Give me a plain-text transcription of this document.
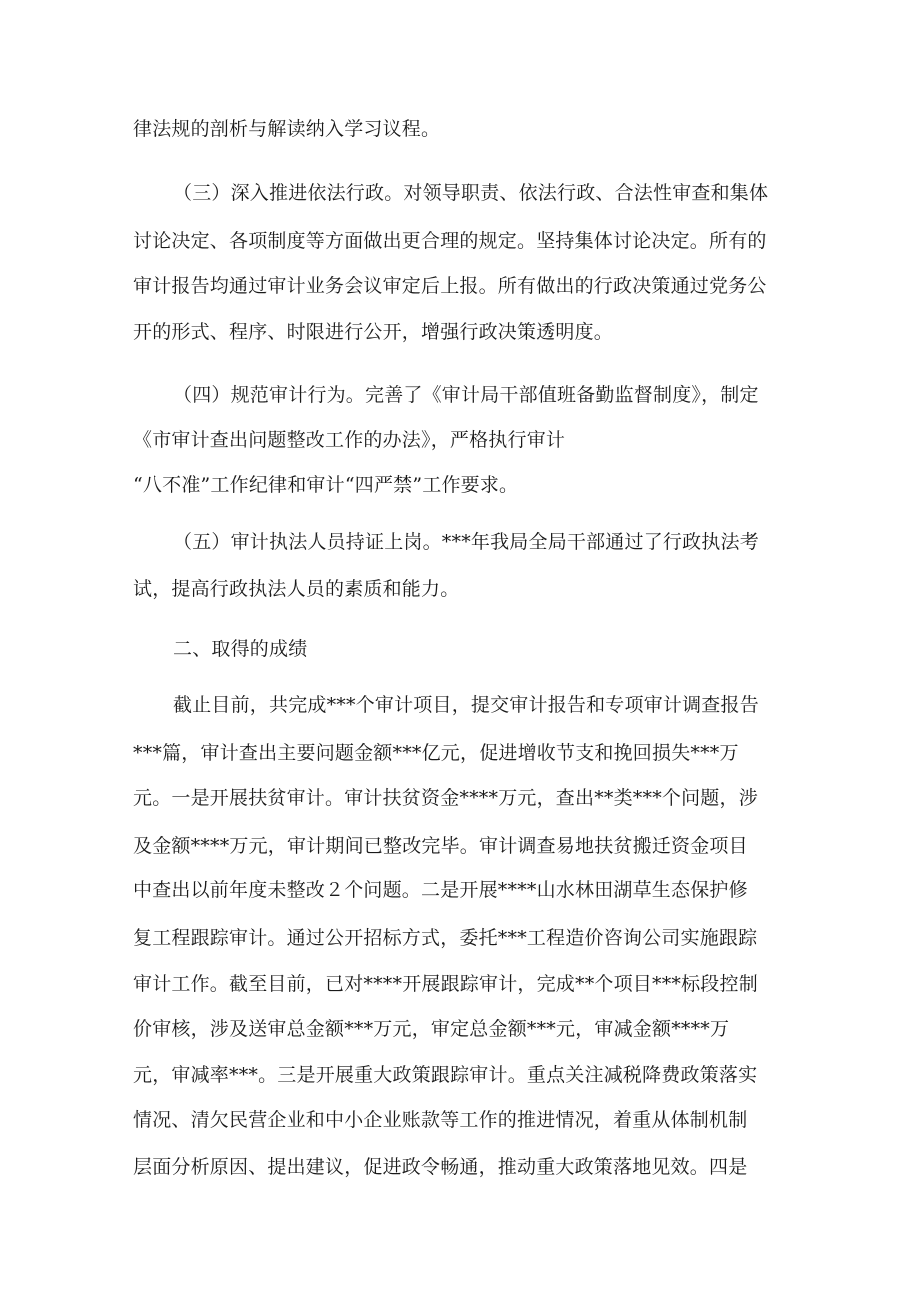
律法规的剖析与解读纳入学习议程。
（三）深入推进依法行政。对领导职责、依法行政、合法性审查和集体
讨论决定、各项制度等方面做出更合理的规定。坚持集体讨论决定。所有的
审计报告均通过审计业务会议审定后上报。所有做出的行政决策通过党务公
开的形式、程序、时限进行公开，增强行政决策透明度。
（四）规范审计行为。完善了《审计局干部值班备勤监督制度》，制定
《市审计查出问题整改工作的办法》，严格执行审计
“八不准”工作纪律和审计“四严禁”工作要求。
（五）审计执法人员持证上岗。***年我局全局干部通过了行政执法考
试，提高行政执法人员的素质和能力。
二、取得的成绩
截止目前，共完成***个审计项目，提交审计报告和专项审计调查报告
***篇，审计查出主要问题金额***亿元，促进增收节支和挽回损失***万
元。一是开展扶贫审计。审计扶贫资金****万元，查出**类***个问题，涉
及金额****万元，审计期间已整改完毕。审计调查易地扶贫搬迁资金项目
中查出以前年度未整改２个问题。二是开展****山水林田湖草生态保护修
复工程跟踪审计。通过公开招标方式，委托***工程造价咨询公司实施跟踪
审计工作。截至目前，已对****开展跟踪审计，完成**个项目***标段控制
价审核，涉及送审总金额***万元，审定总金额***元，审减金额****万
元，审减率***。三是开展重大政策跟踪审计。重点关注减税降费政策落实
情况、清欠民营企业和中小企业账款等工作的推进情况，着重从体制机制
层面分析原因、提出建议，促进政令畅通，推动重大政策落地见效。四是
